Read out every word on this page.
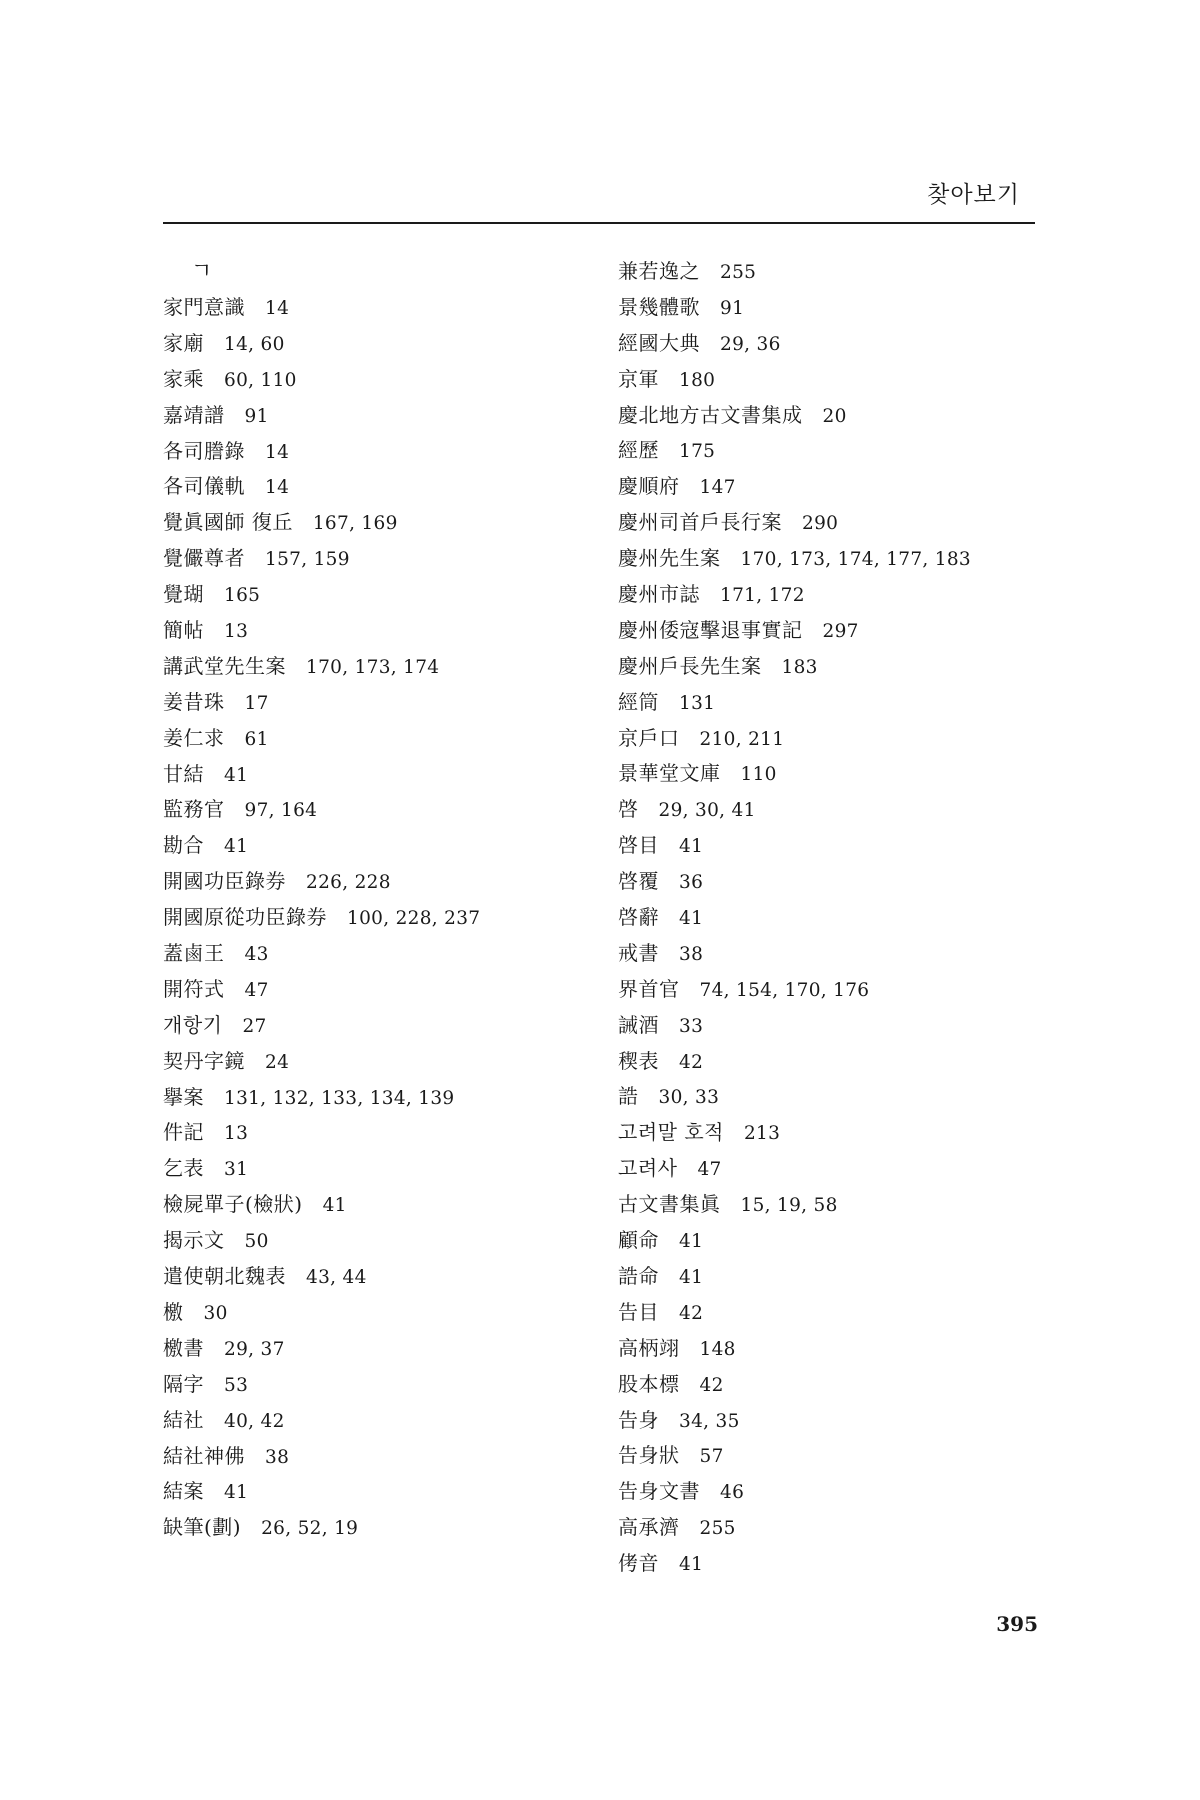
찾아보기
ㄱ
家門意識 14
家廟 14, 60
家乘 60, 110
嘉靖譜 91
各司謄錄 14
各司儀軌 14
覺眞國師 復丘 167, 169
覺儼尊者 157, 159
覺瑚 165
簡帖 13
講武堂先生案 170, 173, 174
姜昔珠 17
姜仁求 61
甘結 41
監務官 97, 164
勘合 41
開國功臣錄券 226, 228
開國原從功臣錄券 100, 228, 237
蓋鹵王 43
開符式 47
개항기 27
契丹字鏡 24
擧案 131, 132, 133, 134, 139
件記 13
乞表 31
檢屍單子(檢狀) 41
揭示文 50
遣使朝北魏表 43, 44
檄 30
檄書 29, 37
隔字 53
結社 40, 42
結社神佛 38
結案 41
缺筆(劃) 26, 52, 19
兼若逸之 255
景幾體歌 91
經國大典 29, 36
京軍 180
慶北地方古文書集成 20
經歷 175
慶順府 147
慶州司首戶長行案 290
慶州先生案 170, 173, 174, 177, 183
慶州市誌 171, 172
慶州倭寇擊退事實記 297
慶州戶長先生案 183
經筒 131
京戶口 210, 211
景華堂文庫 110
啓 29, 30, 41
啓目 41
啓覆 36
啓辭 41
戒書 38
界首官 74, 154, 170, 176
誡酒 33
稧表 42
誥 30, 33
고려말 호적 213
고려사 47
古文書集眞 15, 19, 58
顧命 41
誥命 41
告目 42
高柄翊 148
股本標 42
告身 34, 35
告身狀 57
告身文書 46
高承濟 255
侤音 41
395
